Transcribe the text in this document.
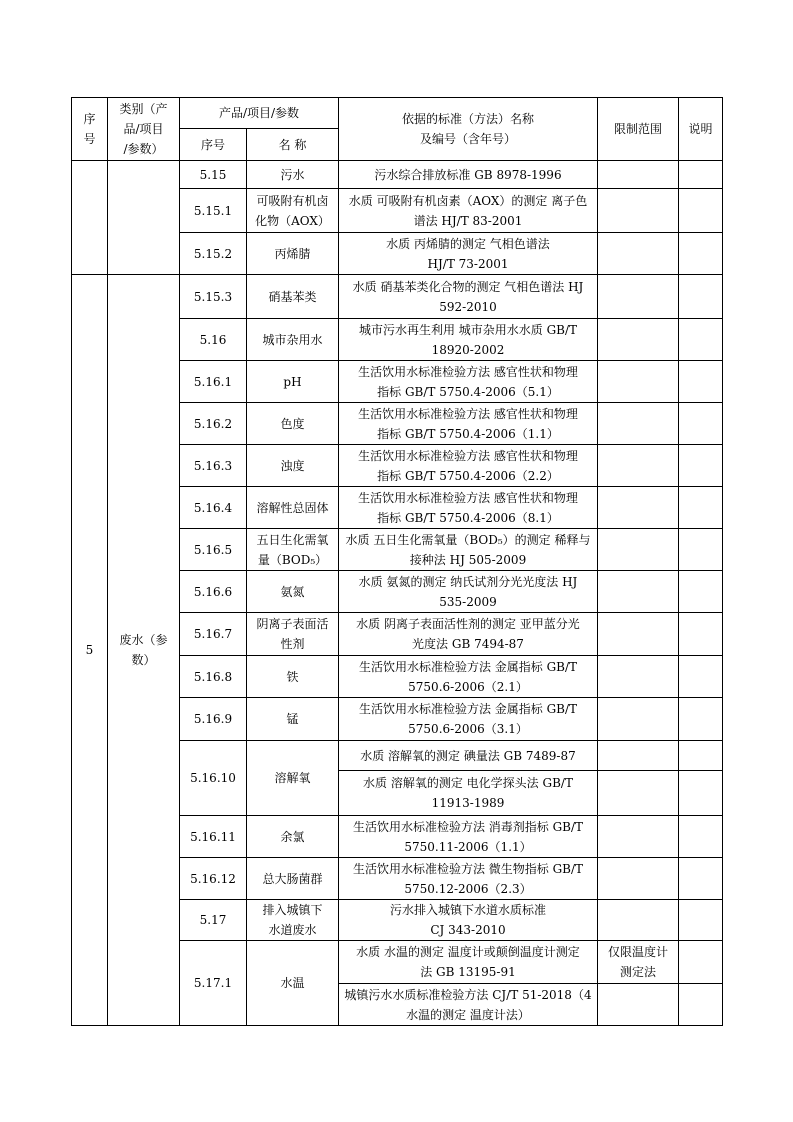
序
号	类别（产
品/项目
/参数）	产品/项目/参数		依据的标准（方法）名称
及编号（含年号）	限制范围	说明
		序号	名 称			
		5.15	污水	污水综合排放标准 GB 8978-1996		

		5.15.1	可吸附有机卤
化物（AOX）	水质 可吸附有机卤素（AOX）的测定 离子色
谱法 HJ/T 83-2001		

		5.15.2	丙烯腈	水质 丙烯腈的测定 气相色谱法
HJ/T 73-2001		

5	废水（参
数）	5.15.3	硝基苯类	水质 硝基苯类化合物的测定 气相色谱法 HJ
592-2010		

		5.16	城市杂用水	城市污水再生利用 城市杂用水水质 GB/T
18920-2002		

		5.16.1	pH	生活饮用水标准检验方法 感官性状和物理
指标 GB/T 5750.4-2006（5.1）		

		5.16.2	色度	生活饮用水标准检验方法 感官性状和物理
指标 GB/T 5750.4-2006（1.1）		

		5.16.3	浊度	生活饮用水标准检验方法 感官性状和物理
指标 GB/T 5750.4-2006（2.2）		

		5.16.4	溶解性总固体	生活饮用水标准检验方法 感官性状和物理
指标 GB/T 5750.4-2006（8.1）		

		5.16.5	五日生化需氧
量（BOD₅）	水质 五日生化需氧量（BOD₅）的测定 稀释与
接种法 HJ 505-2009		

		5.16.6	氨氮	水质 氨氮的测定 纳氏试剂分光光度法 HJ
535-2009		

		5.16.7	阴离子表面活
性剂	水质 阴离子表面活性剂的测定 亚甲蓝分光
光度法 GB 7494-87		

		5.16.8	铁	生活饮用水标准检验方法 金属指标 GB/T
5750.6-2006（2.1）		

		5.16.9	锰	生活饮用水标准检验方法 金属指标 GB/T
5750.6-2006（3.1）		

		5.16.10	溶解氧	水质 溶解氧的测定 碘量法 GB 7489-87		

				水质 溶解氧的测定 电化学探头法 GB/T
11913-1989		

		5.16.11	余氯	生活饮用水标准检验方法 消毒剂指标 GB/T
5750.11-2006（1.1）		

		5.16.12	总大肠菌群	生活饮用水标准检验方法 微生物指标 GB/T
5750.12-2006（2.3）		

		5.17	排入城镇下
水道废水	污水排入城镇下水道水质标准
CJ 343-2010		

		5.17.1	水温	水质 水温的测定 温度计或颠倒温度计测定
法 GB 13195-91	仅限温度计
测定法	

				城镇污水水质标准检验方法 CJ/T 51-2018（4
水温的测定 温度计法）		
